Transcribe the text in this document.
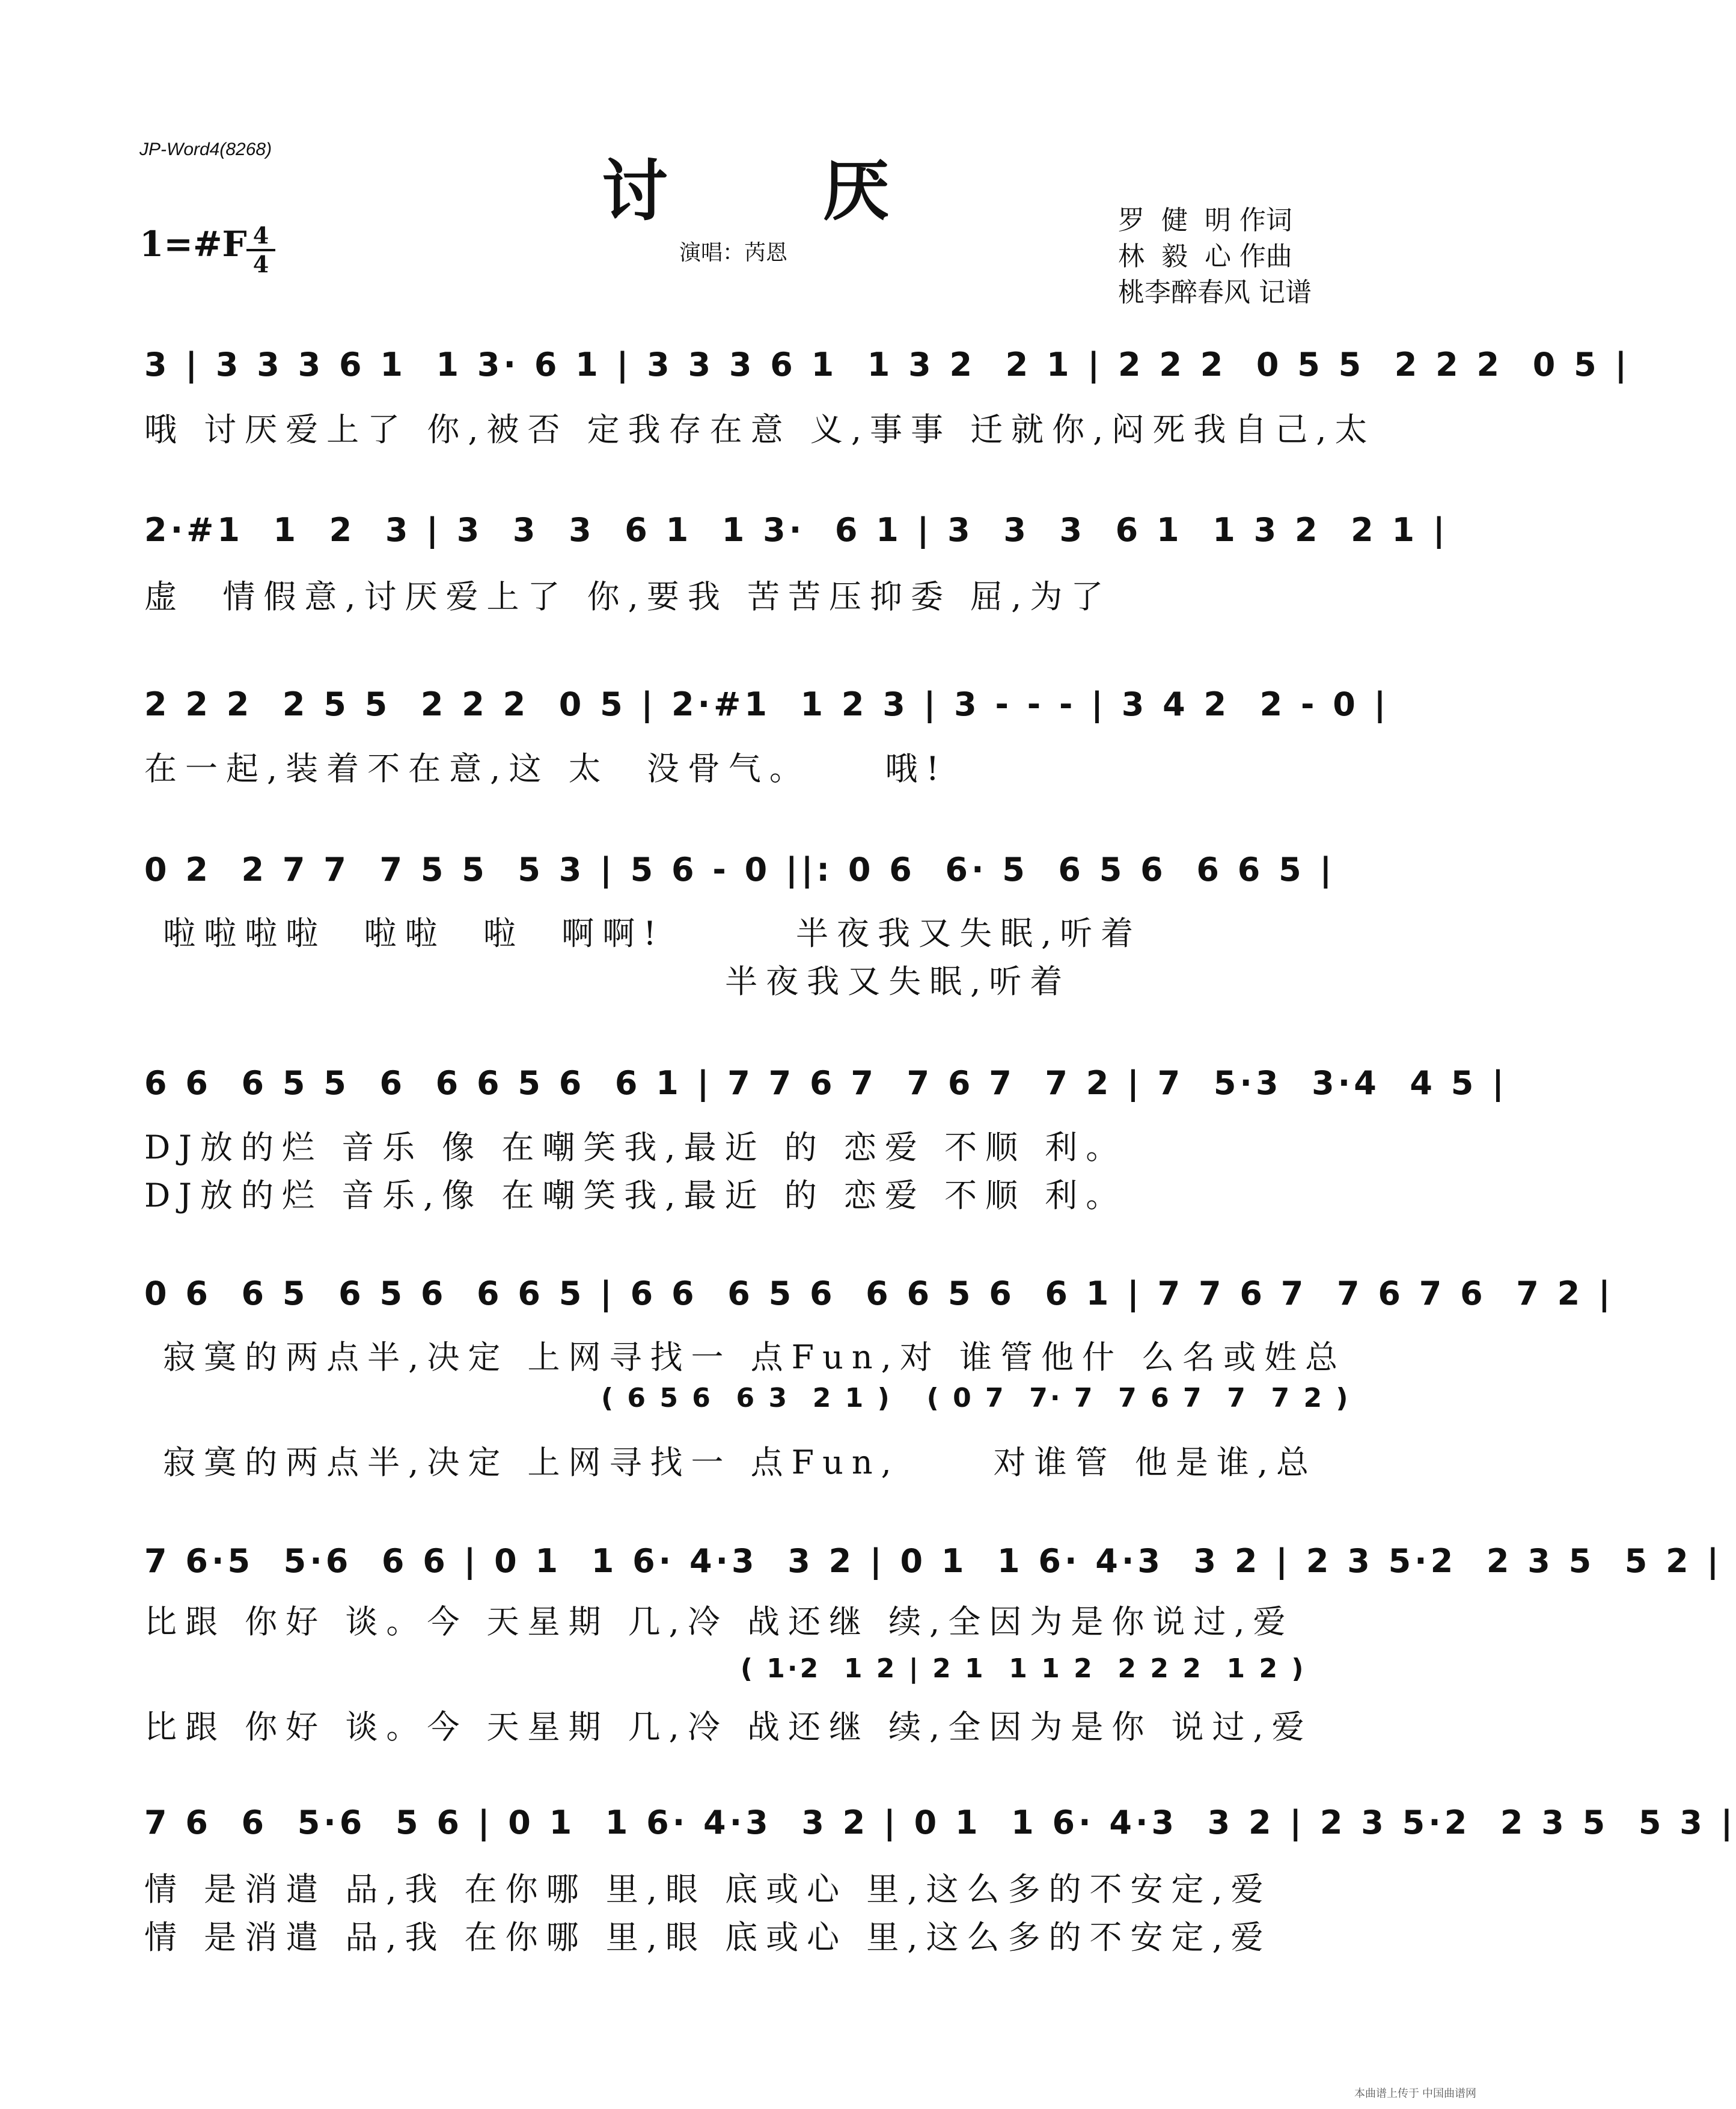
JP-Word4(8268)
讨 厌
1=#F 4
4	演唱：芮恩
罗  健  明 作词
林  毅  心 作曲
桃李醉春风 记谱
3 | 3 3 3 6 1  1 3· 6 1 | 3 3 3 6 1  1 3 2  2 1 | 2 2 2  0 5 5  2 2 2  0 5 |
哦 讨厌爱上了 你,被否 定我存在意 义,事事 迁就你,闷死我自己,太
2·#1  1  2  3 | 3  3  3  6 1  1 3·  6 1 | 3  3  3  6 1  1 3 2  2 1 |
虚  情假意,讨厌爱上了 你,要我 苦苦压抑委 屈,为了
2 2 2  2 5 5  2 2 2  0 5 | 2·#1  1 2 3 | 3 - - - | 3 4 2  2 - 0 |
在一起,装着不在意,这 太  没骨气。    哦!
0 2  2 7 7  7 5 5  5 3 | 5 6 - 0 ||: 0 6  6· 5  6 5 6  6 6 5 |
啦啦啦啦  啦啦  啦  啊啊!       半夜我又失眠,听着
半夜我又失眠,听着
6 6  6 5 5  6  6 6 5 6  6 1 | 7 7 6 7  7 6 7  7 2 | 7  5·3  3·4  4 5 |
DJ放的烂 音乐 像 在嘲笑我,最近 的 恋爱 不顺 利。
DJ放的烂 音乐,像 在嘲笑我,最近 的 恋爱 不顺 利。
0 6  6 5  6 5 6  6 6 5 | 6 6  6 5 6  6 6 5 6  6 1 | 7 7 6 7  7 6 7 6  7 2 |
寂寞的两点半,决定 上网寻找一 点Fun,对 谁管他什 么名或姓总
( 6 5 6  6 3  2 1 )   ( 0 7  7· 7  7 6 7  7  7 2 )
寂寞的两点半,决定 上网寻找一 点Fun,     对谁管 他是谁,总
7 6·5  5·6  6 6 | 0 1  1 6· 4·3  3 2 | 0 1  1 6· 4·3  3 2 | 2 3 5·2  2 3 5  5 2 |
比跟 你好 谈。今 天星期 几,冷 战还继 续,全因为是你说过,爱
( 1·2  1 2 | 2 1  1 1 2  2 2 2  1 2 )
比跟 你好 谈。今 天星期 几,冷 战还继 续,全因为是你 说过,爱
7 6  6  5·6  5 6 | 0 1  1 6· 4·3  3 2 | 0 1  1 6· 4·3  3 2 | 2 3 5·2  2 3 5  5 3 |
情 是消遣 品,我 在你哪 里,眼 底或心 里,这么多的不安定,爱
情 是消遣 品,我 在你哪 里,眼 底或心 里,这么多的不安定,爱
本曲谱上传于 中国曲谱网
